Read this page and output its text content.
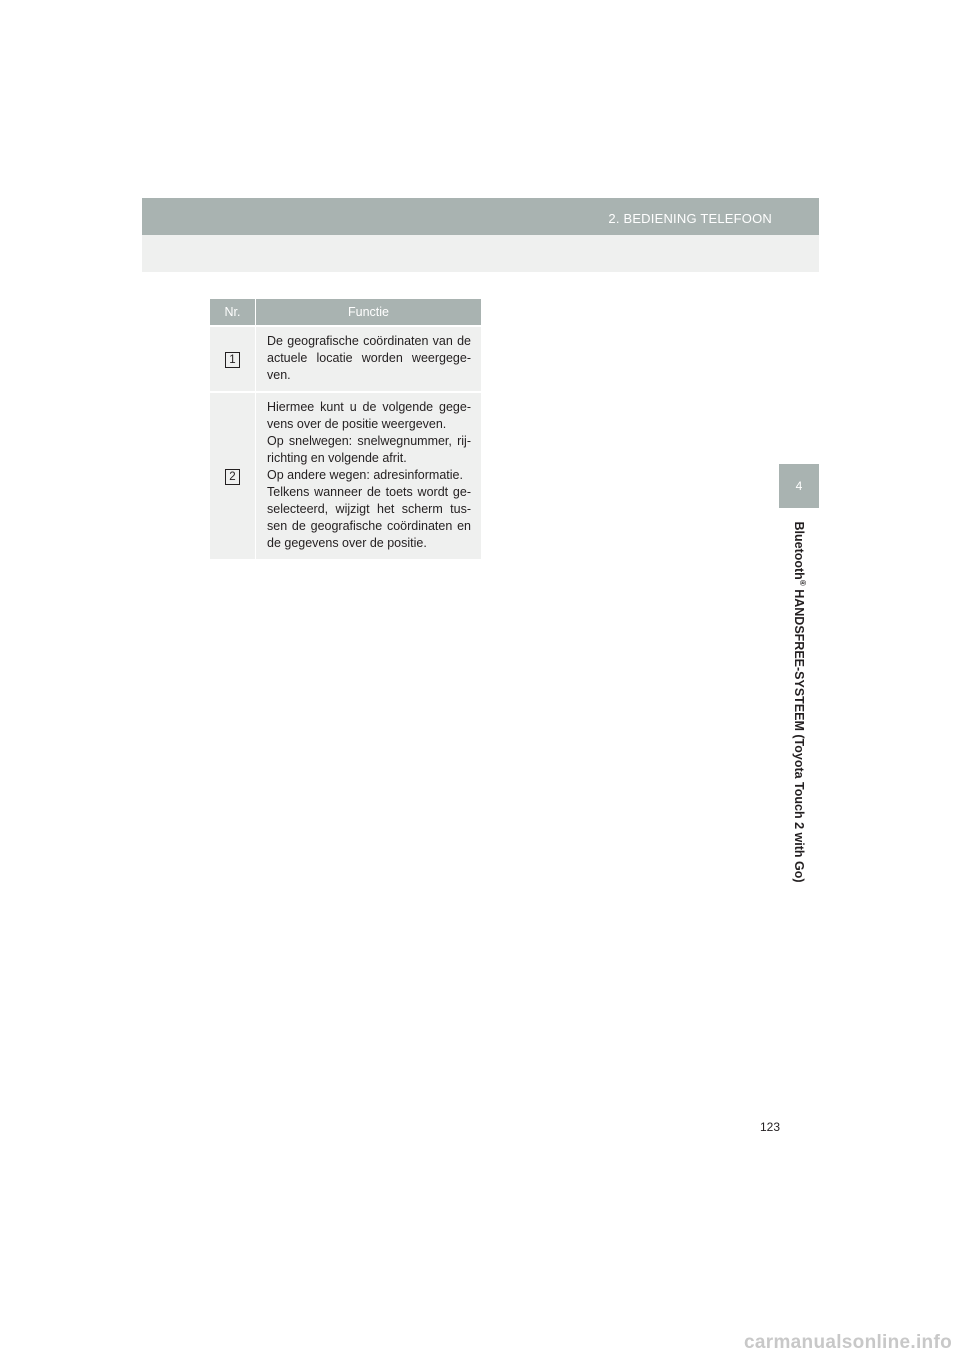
2. BEDIENING TELEFOON
4
Bluetooth® HANDSFREE-SYSTEEM (Toyota Touch 2 with Go)
Nr.	Functie
1	De geografische coördinaten van de actuele locatie worden weergege-ven.

2	Hiermee kunt u de volgende gege-vens over de positie weergeven.
Op snelwegen: snelwegnummer, rij-richting en volgende afrit.
Op andere wegen: adresinformatie.
Telkens wanneer de toets wordt ge-selecteerd, wijzigt het scherm tus-sen de geografische coördinaten en de gegevens over de positie.
123
carmanualsonline.info
